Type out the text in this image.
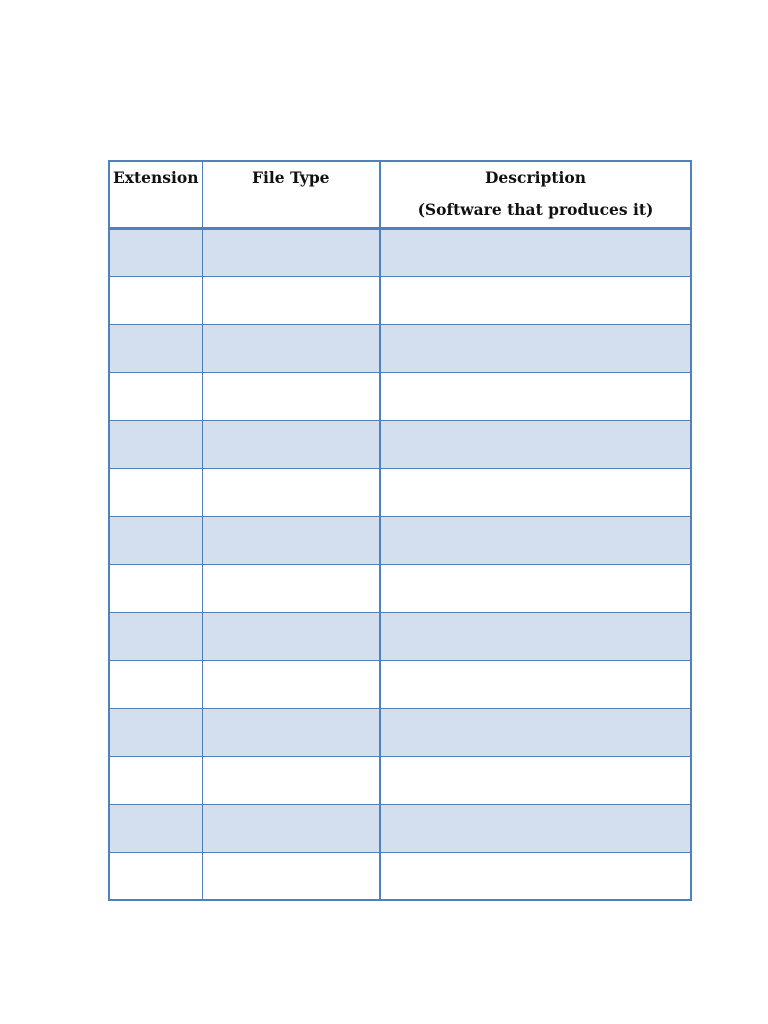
Extension	File Type	Description
(Software that produces it)
